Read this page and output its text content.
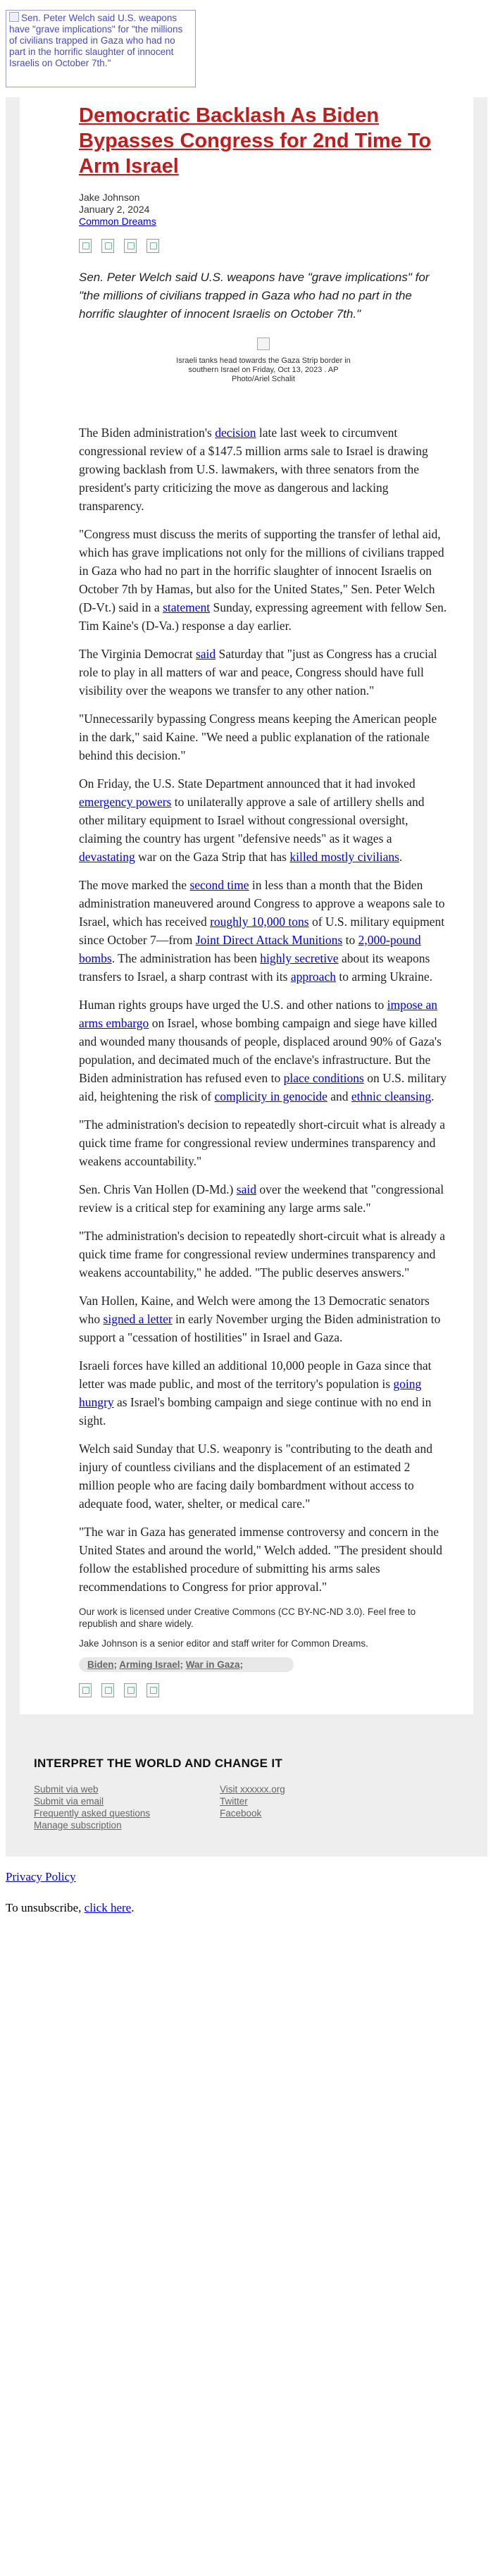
Sen. Peter Welch said U.S. weapons have "grave implications" for "the millions of civilians trapped in Gaza who had no part in the horrific slaughter of innocent Israelis on October 7th."
Democratic Backlash As Biden Bypasses Congress for 2nd Time To Arm Israel
Jake Johnson
January 2, 2024
Common Dreams
Sen. Peter Welch said U.S. weapons have "grave implications" for "the millions of civilians trapped in Gaza who had no part in the horrific slaughter of innocent Israelis on October 7th."
Israeli tanks head towards the Gaza Strip border in southern Israel on Friday, Oct 13, 2023 . AP Photo/Ariel Schalit

The Biden administration's decision late last week to circumvent congressional review of a $147.5 million arms sale to Israel is drawing growing backlash from U.S. lawmakers, with three senators from the president's party criticizing the move as dangerous and lacking transparency.

"Congress must discuss the merits of supporting the transfer of lethal aid, which has grave implications not only for the millions of civilians trapped in Gaza who had no part in the horrific slaughter of innocent Israelis on October 7th by Hamas, but also for the United States," Sen. Peter Welch (D-Vt.) said in a statement Sunday, expressing agreement with fellow Sen. Tim Kaine's (D-Va.) response a day earlier.

The Virginia Democrat said Saturday that "just as Congress has a crucial role to play in all matters of war and peace, Congress should have full visibility over the weapons we transfer to any other nation."

"Unnecessarily bypassing Congress means keeping the American people in the dark," said Kaine. "We need a public explanation of the rationale behind this decision."

On Friday, the U.S. State Department announced that it had invoked emergency powers to unilaterally approve a sale of artillery shells and other military equipment to Israel without congressional oversight, claiming the country has urgent "defensive needs" as it wages a devastating war on the Gaza Strip that has killed mostly civilians.

The move marked the second time in less than a month that the Biden administration maneuvered around Congress to approve a weapons sale to Israel, which has received roughly 10,000 tons of U.S. military equipment since October 7—from Joint Direct Attack Munitions to 2,000-pound bombs. The administration has been highly secretive about its weapons transfers to Israel, a sharp contrast with its approach to arming Ukraine.

Human rights groups have urged the U.S. and other nations to impose an arms embargo on Israel, whose bombing campaign and siege have killed and wounded many thousands of people, displaced around 90% of Gaza's population, and decimated much of the enclave's infrastructure. But the Biden administration has refused even to place conditions on U.S. military aid, heightening the risk of complicity in genocide and ethnic cleansing.

"The administration's decision to repeatedly short-circuit what is already a quick time frame for congressional review undermines transparency and weakens accountability."

Sen. Chris Van Hollen (D-Md.) said over the weekend that "congressional review is a critical step for examining any large arms sale."

"The administration's decision to repeatedly short-circuit what is already a quick time frame for congressional review undermines transparency and weakens accountability," he added. "The public deserves answers."

Van Hollen, Kaine, and Welch were among the 13 Democratic senators who signed a letter in early November urging the Biden administration to support a "cessation of hostilities" in Israel and Gaza.

Israeli forces have killed an additional 10,000 people in Gaza since that letter was made public, and most of the territory's population is going hungry as Israel's bombing campaign and siege continue with no end in sight.

Welch said Sunday that U.S. weaponry is "contributing to the death and injury of countless civilians and the displacement of an estimated 2 million people who are facing daily bombardment without access to adequate food, water, shelter, or medical care."

"The war in Gaza has generated immense controversy and concern in the United States and around the world," Welch added. "The president should follow the established procedure of submitting his arms sales recommendations to Congress for prior approval."

Our work is licensed under Creative Commons (CC BY-NC-ND 3.0). Feel free to republish and share widely.
Jake Johnson is a senior editor and staff writer for Common Dreams.
Biden; Arming Israel; War in Gaza;
INTERPRET THE WORLD AND CHANGE IT
Submit via web
Submit via email
Frequently asked questions
Manage subscription
Visit xxxxxx.org
Twitter
Facebook
Privacy Policy
To unsubscribe, click here.
